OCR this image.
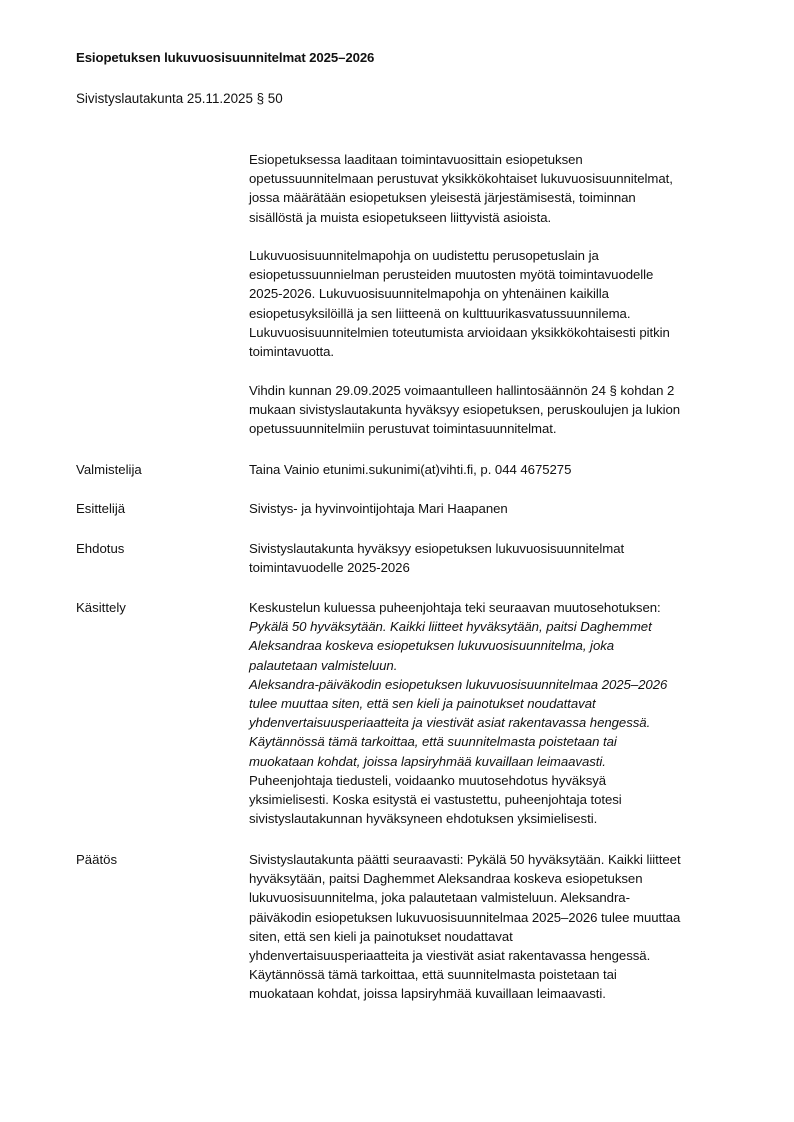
Esiopetuksen lukuvuosisuunnitelmat 2025–2026
Sivistyslautakunta 25.11.2025 § 50
Esiopetuksessa laaditaan toimintavuosittain esiopetuksen
opetussuunnitelmaan perustuvat yksikkökohtaiset lukuvuosisuunnitelmat,
jossa määrätään esiopetuksen yleisestä järjestämisestä, toiminnan
sisällöstä ja muista esiopetukseen liittyvistä asioista.
Lukuvuosisuunnitelmapohja on uudistettu perusopetuslain ja
esiopetussuunnielman perusteiden muutosten myötä toimintavuodelle
2025-2026. Lukuvuosisuunnitelmapohja on yhtenäinen kaikilla
esiopetusyksilöillä ja sen liitteenä on kulttuurikasvatussuunnilema.
Lukuvuosisuunnitelmien toteutumista arvioidaan yksikkökohtaisesti pitkin
toimintavuotta.
Vihdin kunnan 29.09.2025 voimaantulleen hallintosäännön 24 § kohdan 2
mukaan sivistyslautakunta hyväksyy esiopetuksen, peruskoulujen ja lukion
opetussuunnitelmiin perustuvat toimintasuunnitelmat.
Valmistelija	Taina Vainio etunimi.sukunimi(at)vihti.fi, p. 044 4675275
Esittelijä	Sivistys- ja hyvinvointijohtaja Mari Haapanen
Ehdotus	Sivistyslautakunta hyväksyy esiopetuksen lukuvuosisuunnitelmat
toimintavuodelle 2025-2026
Käsittely	Keskustelun kuluessa puheenjohtaja teki seuraavan muutosehotuksen:
Pykälä 50 hyväksytään. Kaikki liitteet hyväksytään, paitsi Daghemmet
Aleksandraa koskeva esiopetuksen lukuvuosisuunnitelma, joka
palautetaan valmisteluun.
Aleksandra-päiväkodin esiopetuksen lukuvuosisuunnitelmaa 2025–2026
tulee muuttaa siten, että sen kieli ja painotukset noudattavat
yhdenvertaisuusperiaatteita ja viestivät asiat rakentavassa hengessä.
Käytännössä tämä tarkoittaa, että suunnitelmasta poistetaan tai
muokataan kohdat, joissa lapsiryhmää kuvaillaan leimaavasti.
Puheenjohtaja tiedusteli, voidaanko muutosehdotus hyväksyä
yksimielisesti. Koska esitystä ei vastustettu, puheenjohtaja totesi
sivistyslautakunnan hyväksyneen ehdotuksen yksimielisesti.
Päätös	Sivistyslautakunta päätti seuraavasti: Pykälä 50 hyväksytään. Kaikki liitteet
hyväksytään, paitsi Daghemmet Aleksandraa koskeva esiopetuksen
lukuvuosisuunnitelma, joka palautetaan valmisteluun. Aleksandra-
päiväkodin esiopetuksen lukuvuosisuunnitelmaa 2025–2026 tulee muuttaa
siten, että sen kieli ja painotukset noudattavat
yhdenvertaisuusperiaatteita ja viestivät asiat rakentavassa hengessä.
Käytännössä tämä tarkoittaa, että suunnitelmasta poistetaan tai
muokataan kohdat, joissa lapsiryhmää kuvaillaan leimaavasti.
